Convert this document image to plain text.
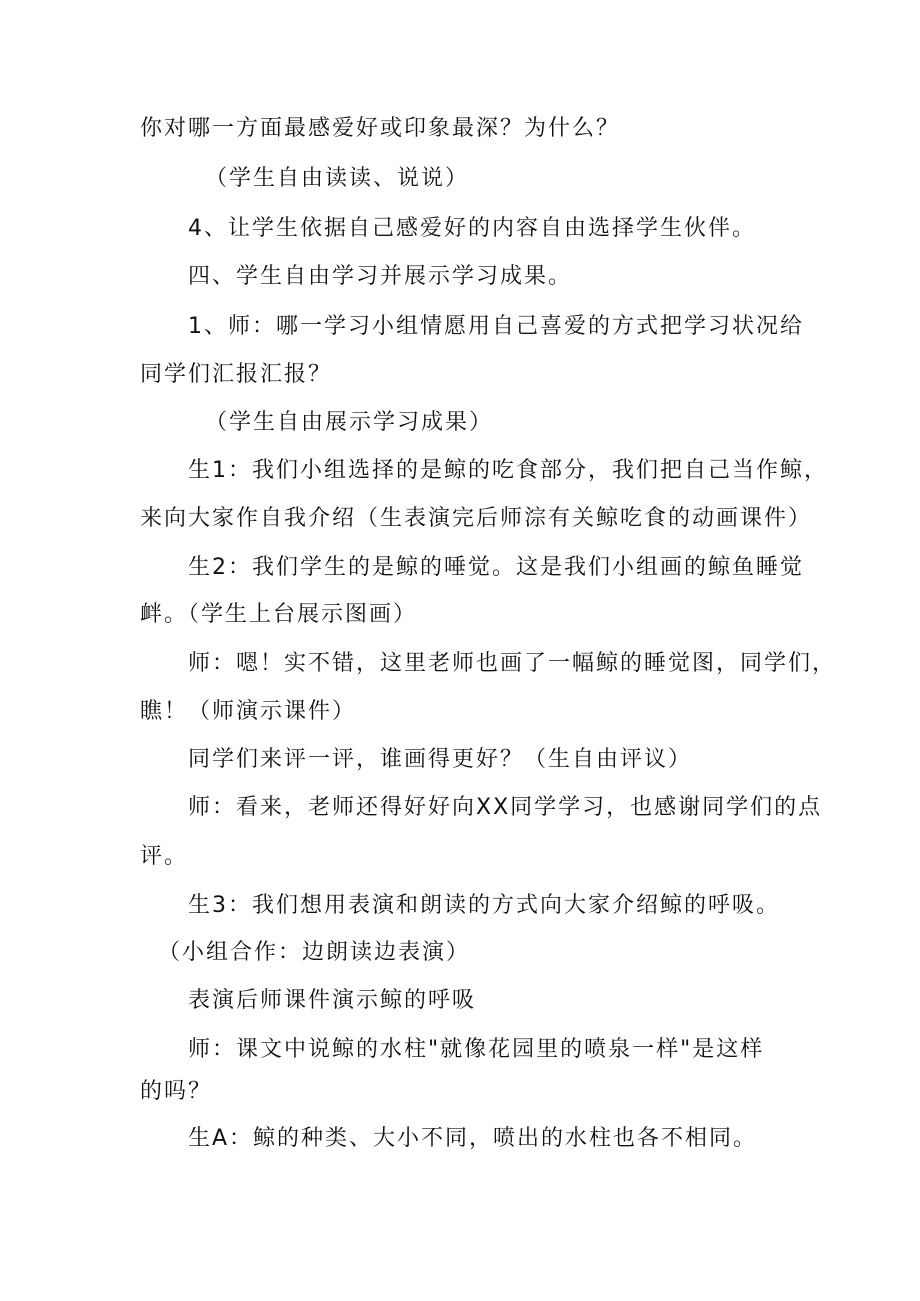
你对哪一方面最感爱好或印象最深？为什么？
（学生自由读读、说说）
4、让学生依据自己感爱好的内容自由选择学生伙伴。
四、学生自由学习并展示学习成果。
1、师：哪一学习小组情愿用自己喜爱的方式把学习状况给
同学们汇报汇报？
（学生自由展示学习成果）
生1：我们小组选择的是鲸的吃食部分，我们把自己当作鲸，
来向大家作自我介绍（生表演完后师淙有关鲸吃食的动画课件）
生2：我们学生的是鲸的唾觉。这是我们小组画的鲸鱼睡觉
衅。（学生上台展示图画）
师：嗯！实不错，这里老师也画了一幅鲸的睡觉图，同学们，
瞧！（师演示课件）
同学们来评一评，谁画得更好？（生自由评议）
师：看来，老师还得好好向XX同学学习，也感谢同学们的点
评。
生3：我们想用表演和朗读的方式向大家介绍鲸的呼吸。
（小组合作：边朗读边表演）
表演后师课件演示鲸的呼吸
师：课文中说鲸的水柱"就像花园里的喷泉一样"是这样
的吗？
生A：鲸的种类、大小不同，喷出的水柱也各不相同。
